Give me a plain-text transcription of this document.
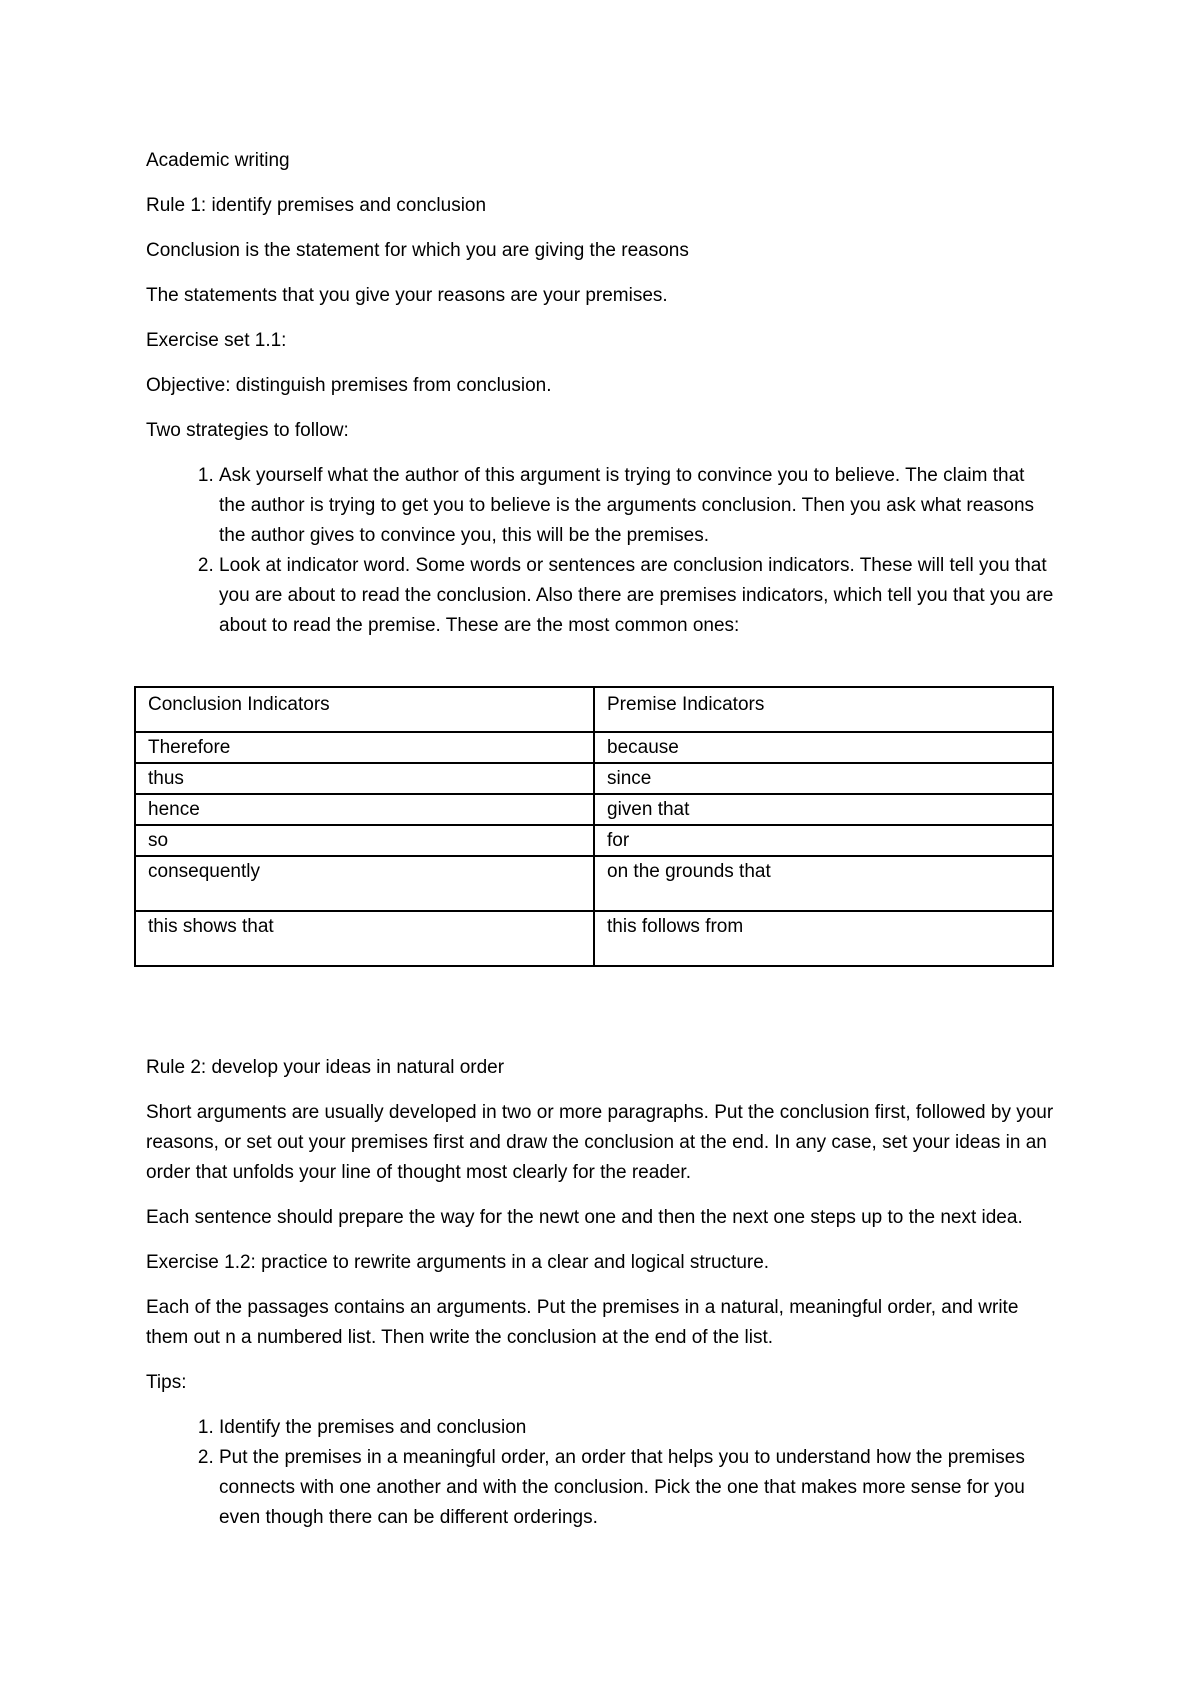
Academic writing

Rule 1: identify premises and conclusion

Conclusion is the statement for which you are giving the reasons

The statements that you give your reasons are your premises.

Exercise set 1.1:

Objective: distinguish premises from conclusion.

Two strategies to follow:

1. Ask yourself what the author of this argument is trying to convince you to believe. The claim that the author is trying to get you to believe is the arguments conclusion. Then you ask what reasons the author gives to convince you, this will be the premises.
2. Look at indicator word. Some words or sentences are conclusion indicators. These will tell you that you are about to read the conclusion. Also there are premises indicators, which tell you that you are about to read the premise. These are the most common ones:
Conclusion Indicators	Premise Indicators
Therefore	because
thus	since
hence	given that
so	for
consequently	on the grounds that
this shows that	this follows from

Rule 2: develop your ideas in natural order

Short arguments are usually developed in two or more paragraphs. Put the conclusion first, followed by your reasons, or set out your premises first and draw the conclusion at the end. In any case, set your ideas in an order that unfolds your line of thought most clearly for the reader.

Each sentence should prepare the way for the newt one and then the next one steps up to the next idea.

Exercise 1.2: practice to rewrite arguments in a clear and logical structure.

Each of the passages contains an arguments. Put the premises in a natural, meaningful order, and write them out n a numbered list. Then write the conclusion at the end of the list.

Tips:

1. Identify the premises and conclusion
2. Put the premises in a meaningful order, an order that helps you to understand how the premises connects with one another and with the conclusion. Pick the one that makes more sense for you even though there can be different orderings.
